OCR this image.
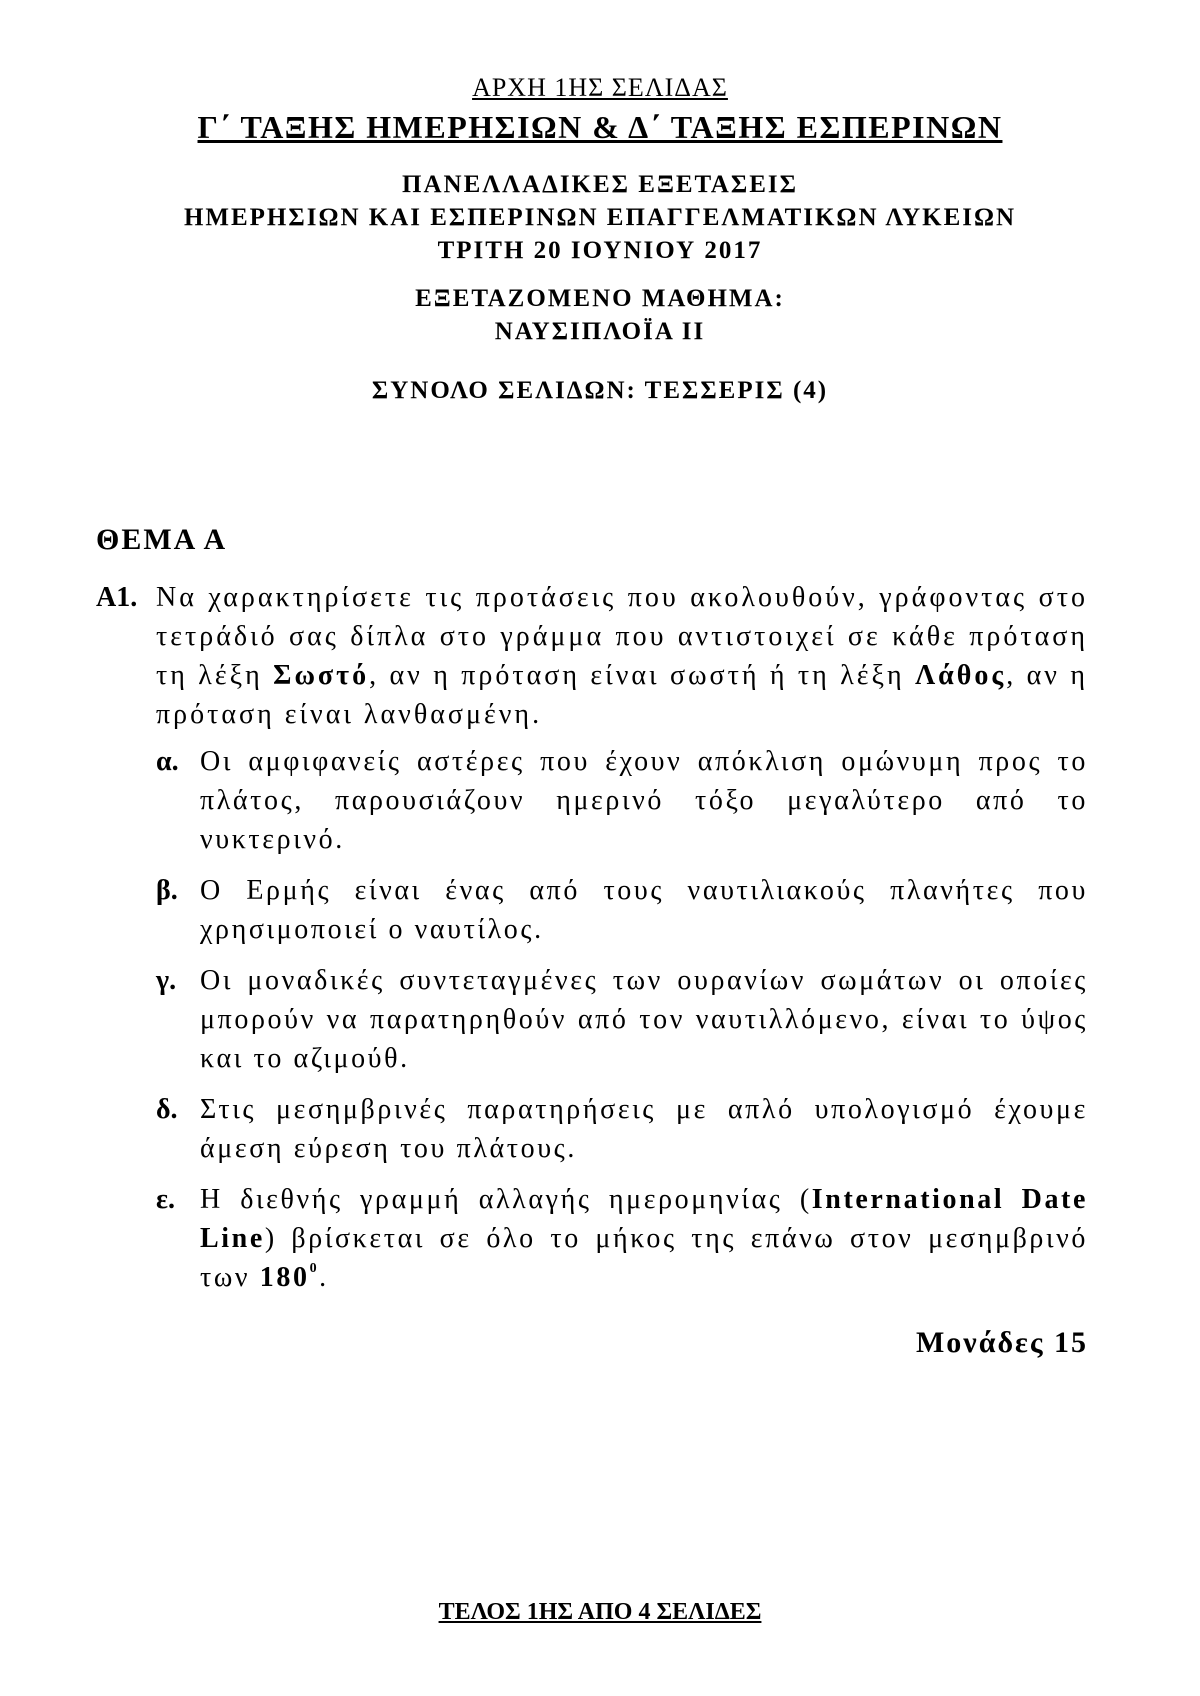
ΑΡΧΗ 1ΗΣ ΣΕΛΙΔΑΣ
Γ΄ ΤΑΞΗΣ ΗΜΕΡΗΣΙΩΝ & Δ΄ ΤΑΞΗΣ ΕΣΠΕΡΙΝΩΝ
ΠΑΝΕΛΛΑΔΙΚΕΣ ΕΞΕΤΑΣΕΙΣ
ΗΜΕΡΗΣΙΩΝ ΚΑΙ ΕΣΠΕΡΙΝΩΝ ΕΠΑΓΓΕΛΜΑΤΙΚΩΝ ΛΥΚΕΙΩΝ
ΤΡΙΤΗ 20 ΙΟΥΝΙΟΥ 2017
ΕΞΕΤΑΖΟΜΕΝΟ ΜΑΘΗΜΑ:
ΝΑΥΣΙΠΛΟΪΑ ΙΙ
ΣΥΝΟΛΟ ΣΕΛΙΔΩΝ: ΤΕΣΣΕΡΙΣ (4)
ΘΕΜΑ Α
Α1. Να χαρακτηρίσετε τις προτάσεις που ακολουθούν, γράφοντας στο τετράδιό σας δίπλα στο γράμμα που αντιστοιχεί σε κάθε πρόταση τη λέξη Σωστό, αν η πρόταση είναι σωστή ή τη λέξη Λάθος, αν η πρόταση είναι λανθασμένη.
α. Οι αμφιφανείς αστέρες που έχουν απόκλιση ομώνυμη προς το πλάτος, παρουσιάζουν ημερινό τόξο μεγαλύτερο από το νυκτερινό.
β. Ο Ερμής είναι ένας από τους ναυτιλιακούς πλανήτες που χρησιμοποιεί ο ναυτίλος.
γ. Οι μοναδικές συντεταγμένες των ουρανίων σωμάτων οι οποίες μπορούν να παρατηρηθούν από τον ναυτιλλόμενο, είναι το ύψος και το αζιμούθ.
δ. Στις μεσημβρινές παρατηρήσεις με απλό υπολογισμό έχουμε άμεση εύρεση του πλάτους.
ε. Η διεθνής γραμμή αλλαγής ημερομηνίας (International Date Line) βρίσκεται σε όλο το μήκος της επάνω στον μεσημβρινό των $180^0$.
Μονάδες 15
ΤΕΛΟΣ 1ΗΣ ΑΠΟ 4 ΣΕΛΙΔΕΣ
